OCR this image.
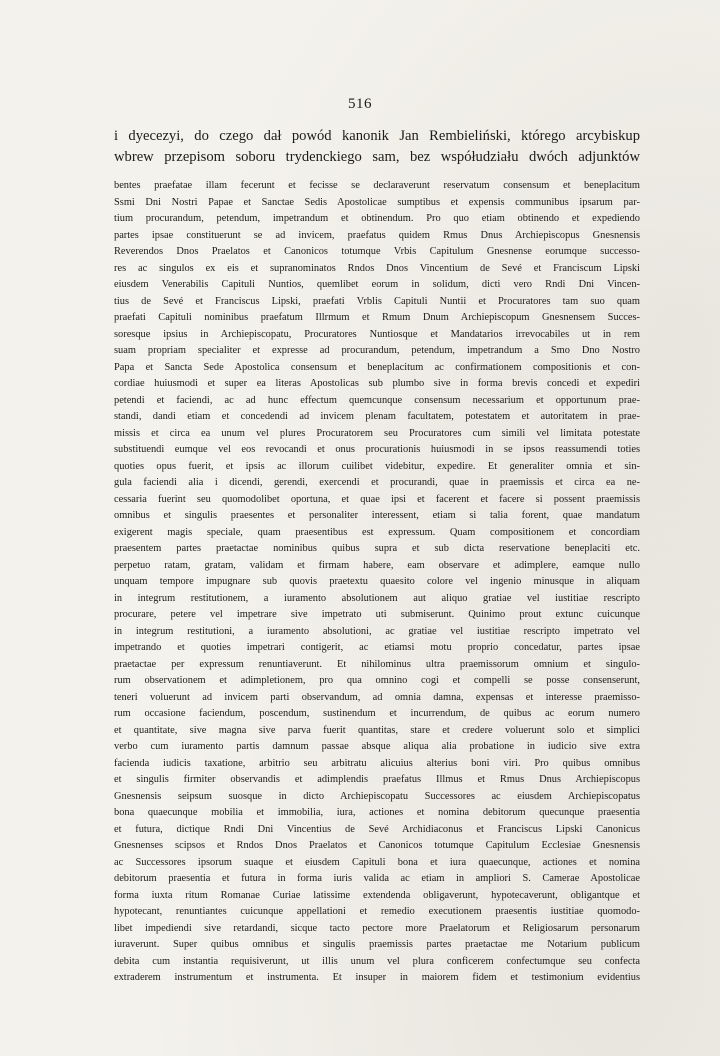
516
i dyecezyi, do czego dał powód kanonik Jan Rembieliński, którego arcybiskup
wbrew przepisom soboru trydenckiego sam, bez współudziału dwóch adjunktów
bentes praefatae illam fecerunt et fecisse se declaraverunt reservatum consensum et beneplacitum
Ssmi Dni Nostri Papae et Sanctae Sedis Apostolicae sumptibus et expensis communibus ipsarum par-
tium procurandum, petendum, impetrandum et obtinendum. Pro quo etiam obtinendo et expediendo
partes ipsae constituerunt se ad invicem, praefatus quidem Rmus Dnus Archiepiscopus Gnesnensis
Reverendos Dnos Praelatos et Canonicos totumque Vrbis Capitulum Gnesnense eorumque successo-
res ac singulos ex eis et supranominatos Rndos Dnos Vincentium de Sevé et Franciscum Lipski
eiusdem Venerabilis Capituli Nuntios, quemlibet eorum in solidum, dicti vero Rndi Dni Vincen-
tius de Sevé et Franciscus Lipski, praefati Vrblis Capituli Nuntii et Procuratores tam suo quam
praefati Capituli nominibus praefatum Illrmum et Rmum Dnum Archiepiscopum Gnesnensem Succes-
soresque ipsius in Archiepiscopatu, Procuratores Nuntiosque et Mandatarios irrevocabiles ut in rem
suam propriam specialiter et expresse ad procurandum, petendum, impetrandum a Smo Dno Nostro
Papa et Sancta Sede Apostolica consensum et beneplacitum ac confirmationem compositionis et con-
cordiae huiusmodi et super ea literas Apostolicas sub plumbo sive in forma brevis concedi et expediri
petendi et faciendi, ac ad hunc effectum quemcunque consensum necessarium et opportunum prae-
standi, dandi etiam et concedendi ad invicem plenam facultatem, potestatem et autoritatem in prae-
missis et circa ea unum vel plures Procuratorem seu Procuratores cum simili vel limitata potestate
substituendi eumque vel eos revocandi et onus procurationis huiusmodi in se ipsos reassumendi toties
quoties opus fuerit, et ipsis ac illorum cuilibet videbitur, expedire. Et generaliter omnia et sin-
gula faciendi alia i dicendi, gerendi, exercendi et procurandi, quae in praemissis et circa ea ne-
cessaria fuerint seu quomodolibet oportuna, et quae ipsi et facerent et facere si possent praemissis
omnibus et singulis praesentes et personaliter interessent, etiam si talia forent, quae mandatum
exigerent magis speciale, quam praesentibus est expressum. Quam compositionem et concordiam
praesentem partes praetactae nominibus quibus supra et sub dicta reservatione beneplaciti etc.
perpetuo ratam, gratam, validam et firmam habere, eam observare et adimplere, eamque nullo
unquam tempore impugnare sub quovis praetextu quaesito colore vel ingenio minusque in aliquam
in integrum restitutionem, a iuramento absolutionem aut aliquo gratiae vel iustitiae rescripto
procurare, petere vel impetrare sive impetrato uti submiserunt. Quinimo prout extunc cuicunque
in integrum restitutioni, a iuramento absolutioni, ac gratiae vel iustitiae rescripto impetrato vel
impetrando et quoties impetrari contigerit, ac etiamsi motu proprio concedatur, partes ipsae
praetactae per expressum renuntiaverunt. Et nihilominus ultra praemissorum omnium et singulo-
rum observationem et adimpletionem, pro qua omnino cogi et compelli se posse consenserunt,
teneri voluerunt ad invicem parti observandum, ad omnia damna, expensas et interesse praemisso-
rum occasione faciendum, poscendum, sustinendum et incurrendum, de quibus ac eorum numero
et quantitate, sive magna sive parva fuerit quantitas, stare et credere voluerunt solo et simplici
verbo cum iuramento partis damnum passae absque aliqua alia probatione in iudicio sive extra
facienda iudicis taxatione, arbitrio seu arbitratu alicuius alterius boni viri. Pro quibus omnibus
et singulis firmiter observandis et adimplendis praefatus Illmus et Rmus Dnus Archiepiscopus
Gnesnensis seipsum suosque in dicto Archiepiscopatu Successores ac eiusdem Archiepiscopatus
bona quaecunque mobilia et immobilia, iura, actiones et nomina debitorum quecunque praesentia
et futura, dictique Rndi Dni Vincentius de Sevé Archidiaconus et Franciscus Lipski Canonicus
Gnesnenses scipsos et Rndos Dnos Praelatos et Canonicos totumque Capitulum Ecclesiae Gnesnensis
ac Successores ipsorum suaque et eiusdem Capituli bona et iura quaecunque, actiones et nomina
debitorum praesentia et futura in forma iuris valida ac etiam in ampliori S. Camerae Apostolicae
forma iuxta ritum Romanae Curiae latissime extendenda obligaverunt, hypotecaverunt, obligantque et
hypotecant, renuntiantes cuicunque appellationi et remedio executionem praesentis iustitiae quomodo-
libet impediendi sive retardandi, sicque tacto pectore more Praelatorum et Religiosarum personarum
iuraverunt. Super quibus omnibus et singulis praemissis partes praetactae me Notarium publicum
debita cum instantia requisiverunt, ut illis unum vel plura conficerem confectumque seu confecta
extraderem instrumentum et instrumenta. Et insuper in maiorem fidem et testimonium evidentius
